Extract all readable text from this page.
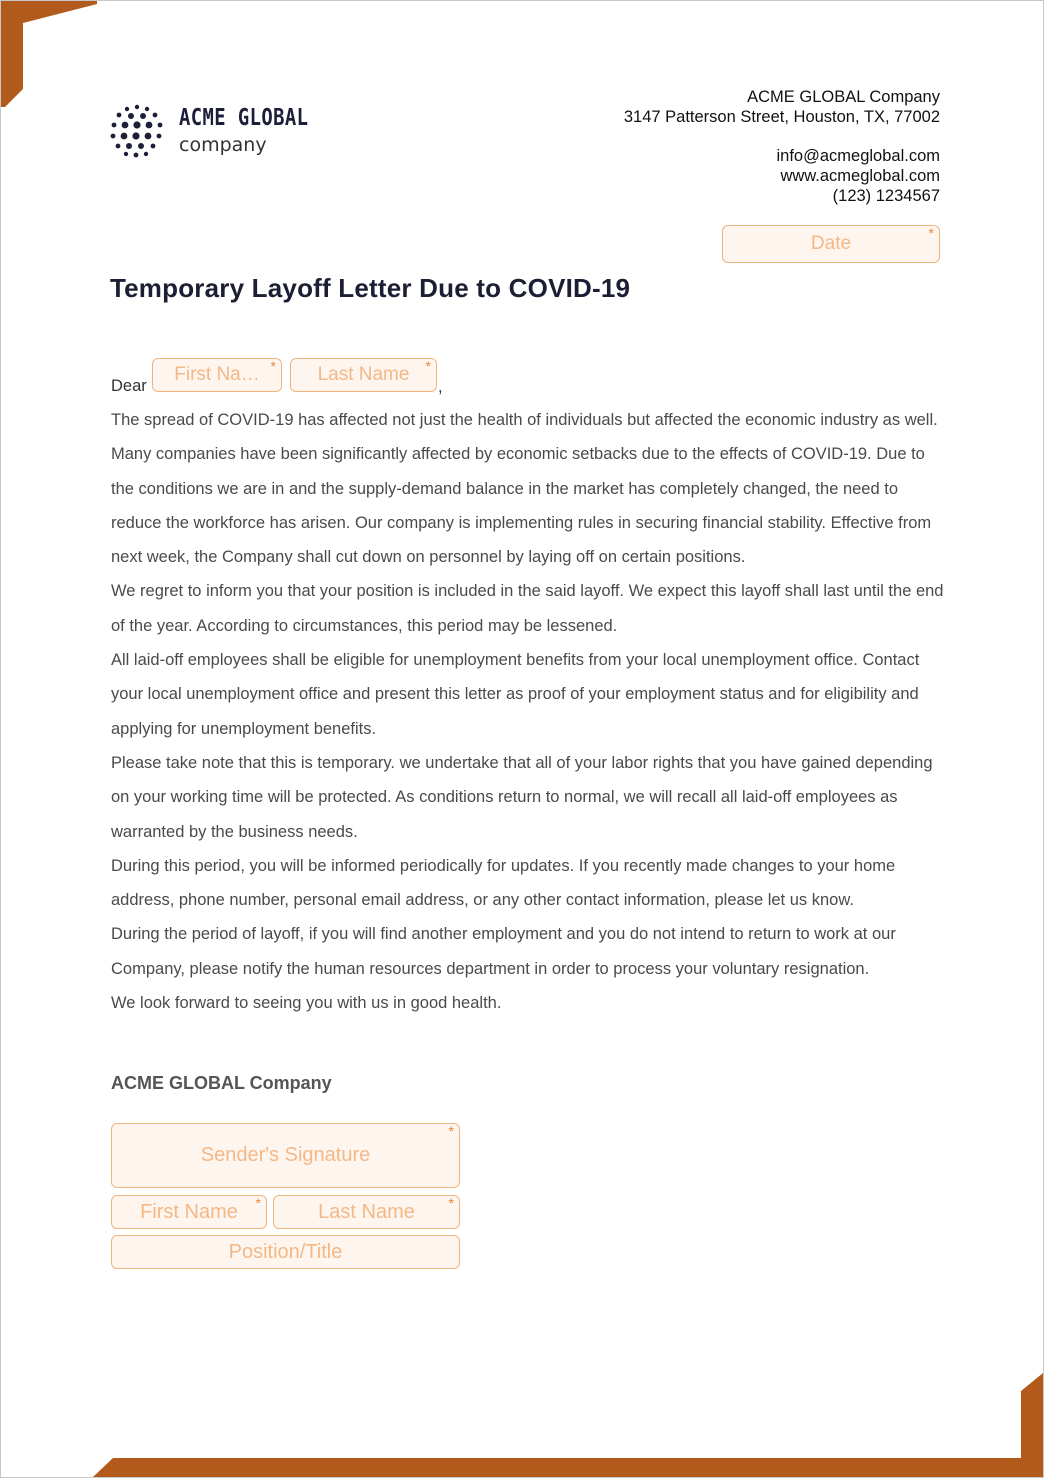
ACME GLOBAL
company
ACME GLOBAL Company
3147 Patterson Street, Houston, TX, 77002
info@acmeglobal.com
www.acmeglobal.com
(123) 1234567
Date	*
Temporary Layoff Letter Due to COVID-19
Dear
First Na… *	Last Name *
,

The spread of COVID-19 has affected not just the health of individuals but affected the economic industry as well. Many companies have been significantly affected by economic setbacks due to the effects of COVID-19. Due to the conditions we are in and the supply-demand balance in the market has completely changed, the need to reduce the workforce has arisen. Our company is implementing rules in securing financial stability. Effective from next week, the Company shall cut down on personnel by laying off on certain positions.

We regret to inform you that your position is included in the said layoff. We expect this layoff shall last until the end of the year. According to circumstances, this period may be lessened.

All laid-off employees shall be eligible for unemployment benefits from your local unemployment office. Contact your local unemployment office and present this letter as proof of your employment status and for eligibility and applying for unemployment benefits.

Please take note that this is temporary. we undertake that all of your labor rights that you have gained depending on your working time will be protected. As conditions return to normal, we will recall all laid-off employees as warranted by the business needs.

During this period, you will be informed periodically for updates. If you recently made changes to your home address, phone number, personal email address, or any other contact information, please let us know.

During the period of layoff, if you will find another employment and you do not intend to return to work at our Company, please notify the human resources department in order to process your voluntary resignation.

We look forward to seeing you with us in good health.

ACME GLOBAL Company
Sender's Signature
*
First Name *	Last Name *
Position/Title
